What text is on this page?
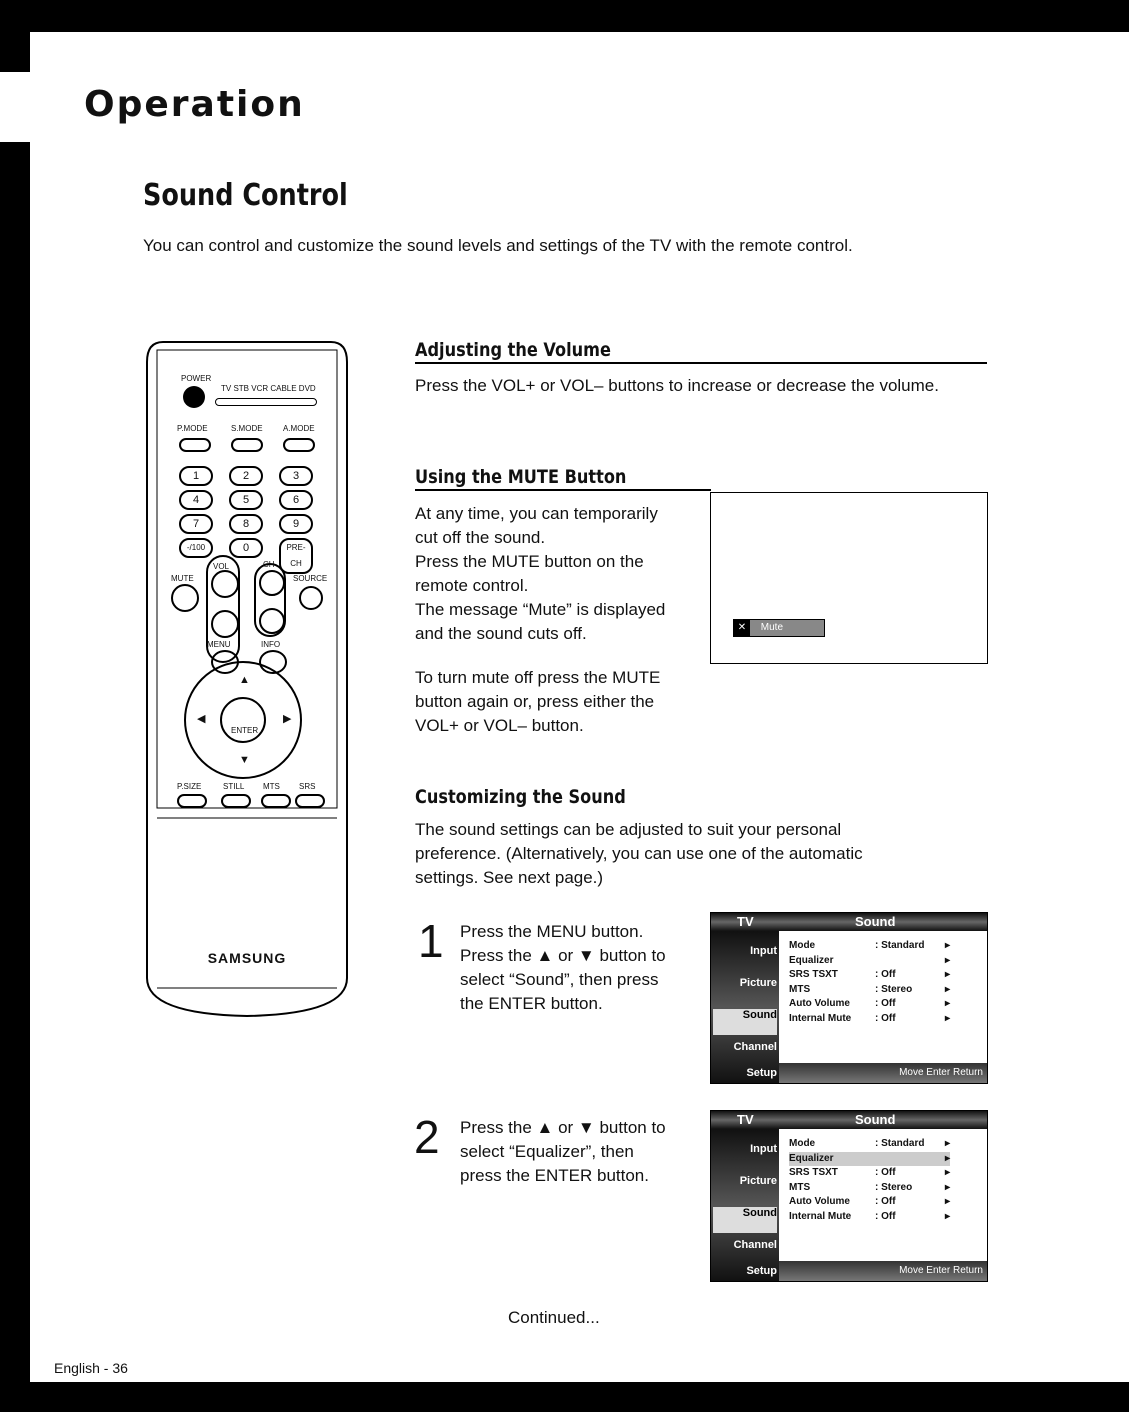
Operation
Sound Control
You can control and customize the sound levels and settings of the TV with the remote control.
POWER
TV STB VCR CABLE DVD
P.MODE	S.MODE	A.MODE
1	2	3
4	5	6
7	8	9
-/100	0	PRE-CH
VOL	CH
MUTE	SOURCE
MENU	INFO
◀	▶
▲
▼
ENTER
P.SIZE	STILL MTS SRS
SAMSUNG
Adjusting the Volume
Press the VOL+ or VOL– buttons to increase or decrease the volume.
Using the MUTE Button
At any time, you can temporarily
cut off the sound.
Press the MUTE button on the
remote control.
The message “Mute” is displayed
and the sound cuts off.
To turn mute off press the MUTE
button again or, press either the
VOL+ or VOL– button.
✕ Mute
Customizing the Sound
The sound settings can be adjusted to suit your personal
preference. (Alternatively, you can use one of the automatic
settings. See next page.)
1 Press the MENU button.
Press the ▲ or ▼ button to
select “Sound”, then press
the ENTER button.
TV	Sound
Input
Picture
Sound
Channel
Setup
Mode	: Standard ▸
Equalizer	▸
SRS TSXT	: Off	▸
MTS	: Stereo	▸
Auto Volume	: Off	▸
Internal Mute : Off	▸
Move Enter Return
2 Press the ▲ or ▼ button to
select “Equalizer”, then
press the ENTER button.
TV	Sound
Input
Picture
Sound
Channel
Setup
Mode	: Standard ▸
Equalizer	▸
SRS TSXT	: Off	▸
MTS	: Stereo	▸
Auto Volume	: Off	▸
Internal Mute : Off	▸
Move Enter Return
Continued...
English - 36
